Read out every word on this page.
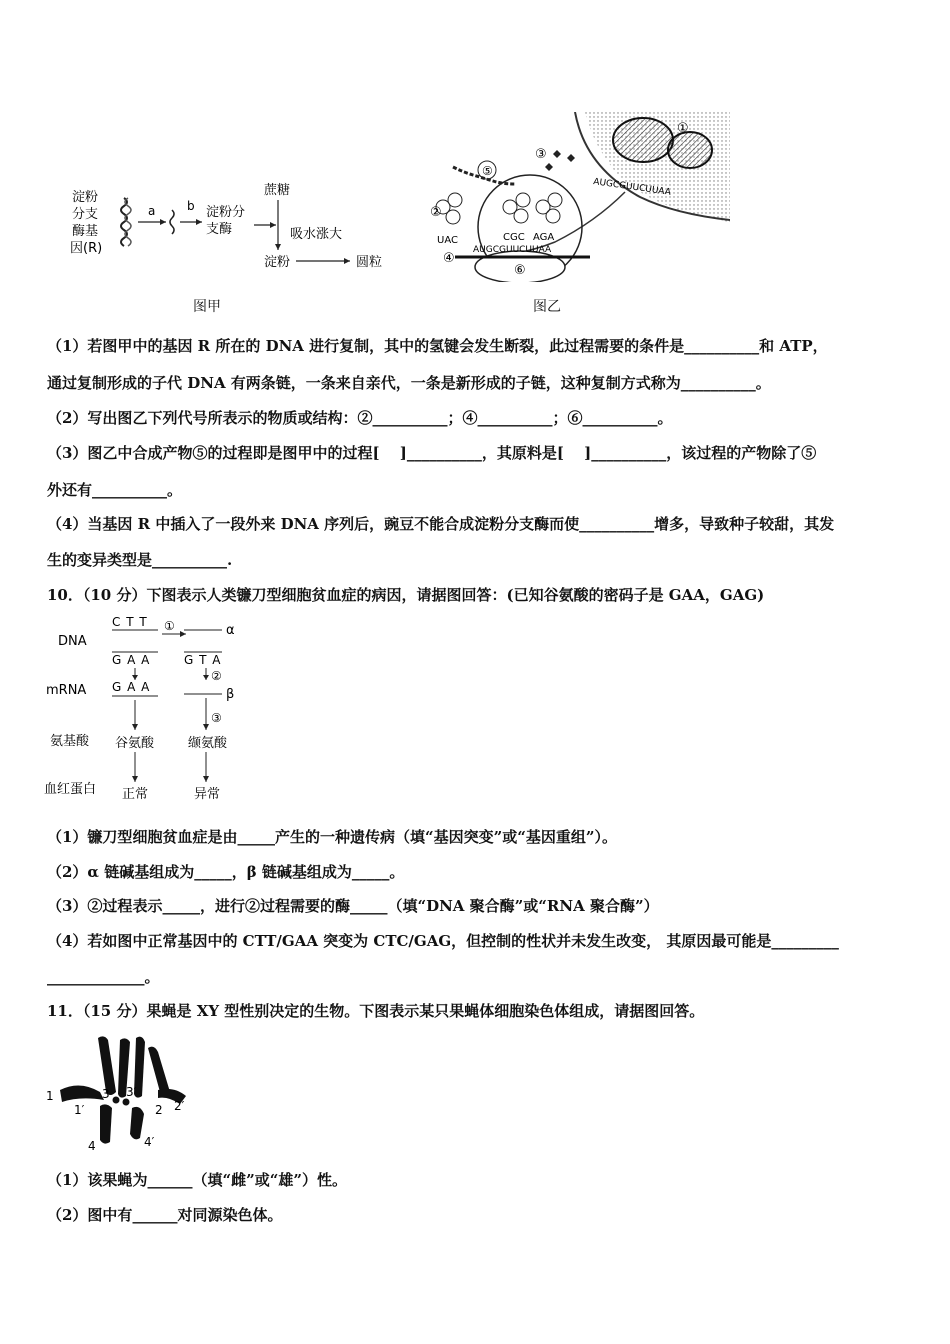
淀粉
分支
酶基
因(R)
a	b 淀粉分
支酶
蔗糖
吸水涨大
淀粉	圆粒
图甲
①
AUGCGUUCUUAA
⑥
AUGCGUUCUUAA
④
②
UAC	CGC AGA
⑤
③
图乙
（1）若图甲中的基因 R 所在的 DNA 进行复制，其中的氢键会发生断裂，此过程需要的条件是__________和 ATP，
通过复制形成的子代 DNA 有两条链，一条来自亲代，一条是新形成的子链，这种复制方式称为__________。
（2）写出图乙下列代号所表示的物质或结构：②__________；④__________；⑥__________。
（3）图乙中合成产物⑤的过程即是图甲中的过程[　 ]__________，其原料是[　 ]__________，该过程的产物除了⑤
外还有__________。
（4）当基因 R 中插入了一段外来 DNA 序列后，豌豆不能合成淀粉分支酶而使__________增多，导致种子较甜，其发
生的变异类型是__________.
10．（10 分）下图表示人类镰刀型细胞贫血症的病因，请据图回答：(已知谷氨酸的密码子是 GAA，GAG)
DNA
mRNA
氨基酸
血红蛋白
C T T
G A A
①	α
G T A
G A A
②
β
③
谷氨酸	缬氨酸
正常	异常
（1）镰刀型细胞贫血症是由_____产生的一种遗传病（填“基因突变”或“基因重组”）。
（2）α 链碱基组成为_____，β 链碱基组成为_____。
（3）②过程表示_____，进行②过程需要的酶_____（填“DNA 聚合酶”或“RNA 聚合酶”）
（4）若如图中正常基因中的 CTT/GAA 突变为 CTC/GAG，但控制的性状并未发生改变， 其原因最可能是_________
_____________。
11．（15 分）果蝇是 XY 型性别决定的生物。下图表示某只果蝇体细胞染色体组成，请据图回答。
1
1′
3 3′
2 2′
4	4′
（1）该果蝇为______（填“雌”或“雄”）性。
（2）图中有______对同源染色体。
